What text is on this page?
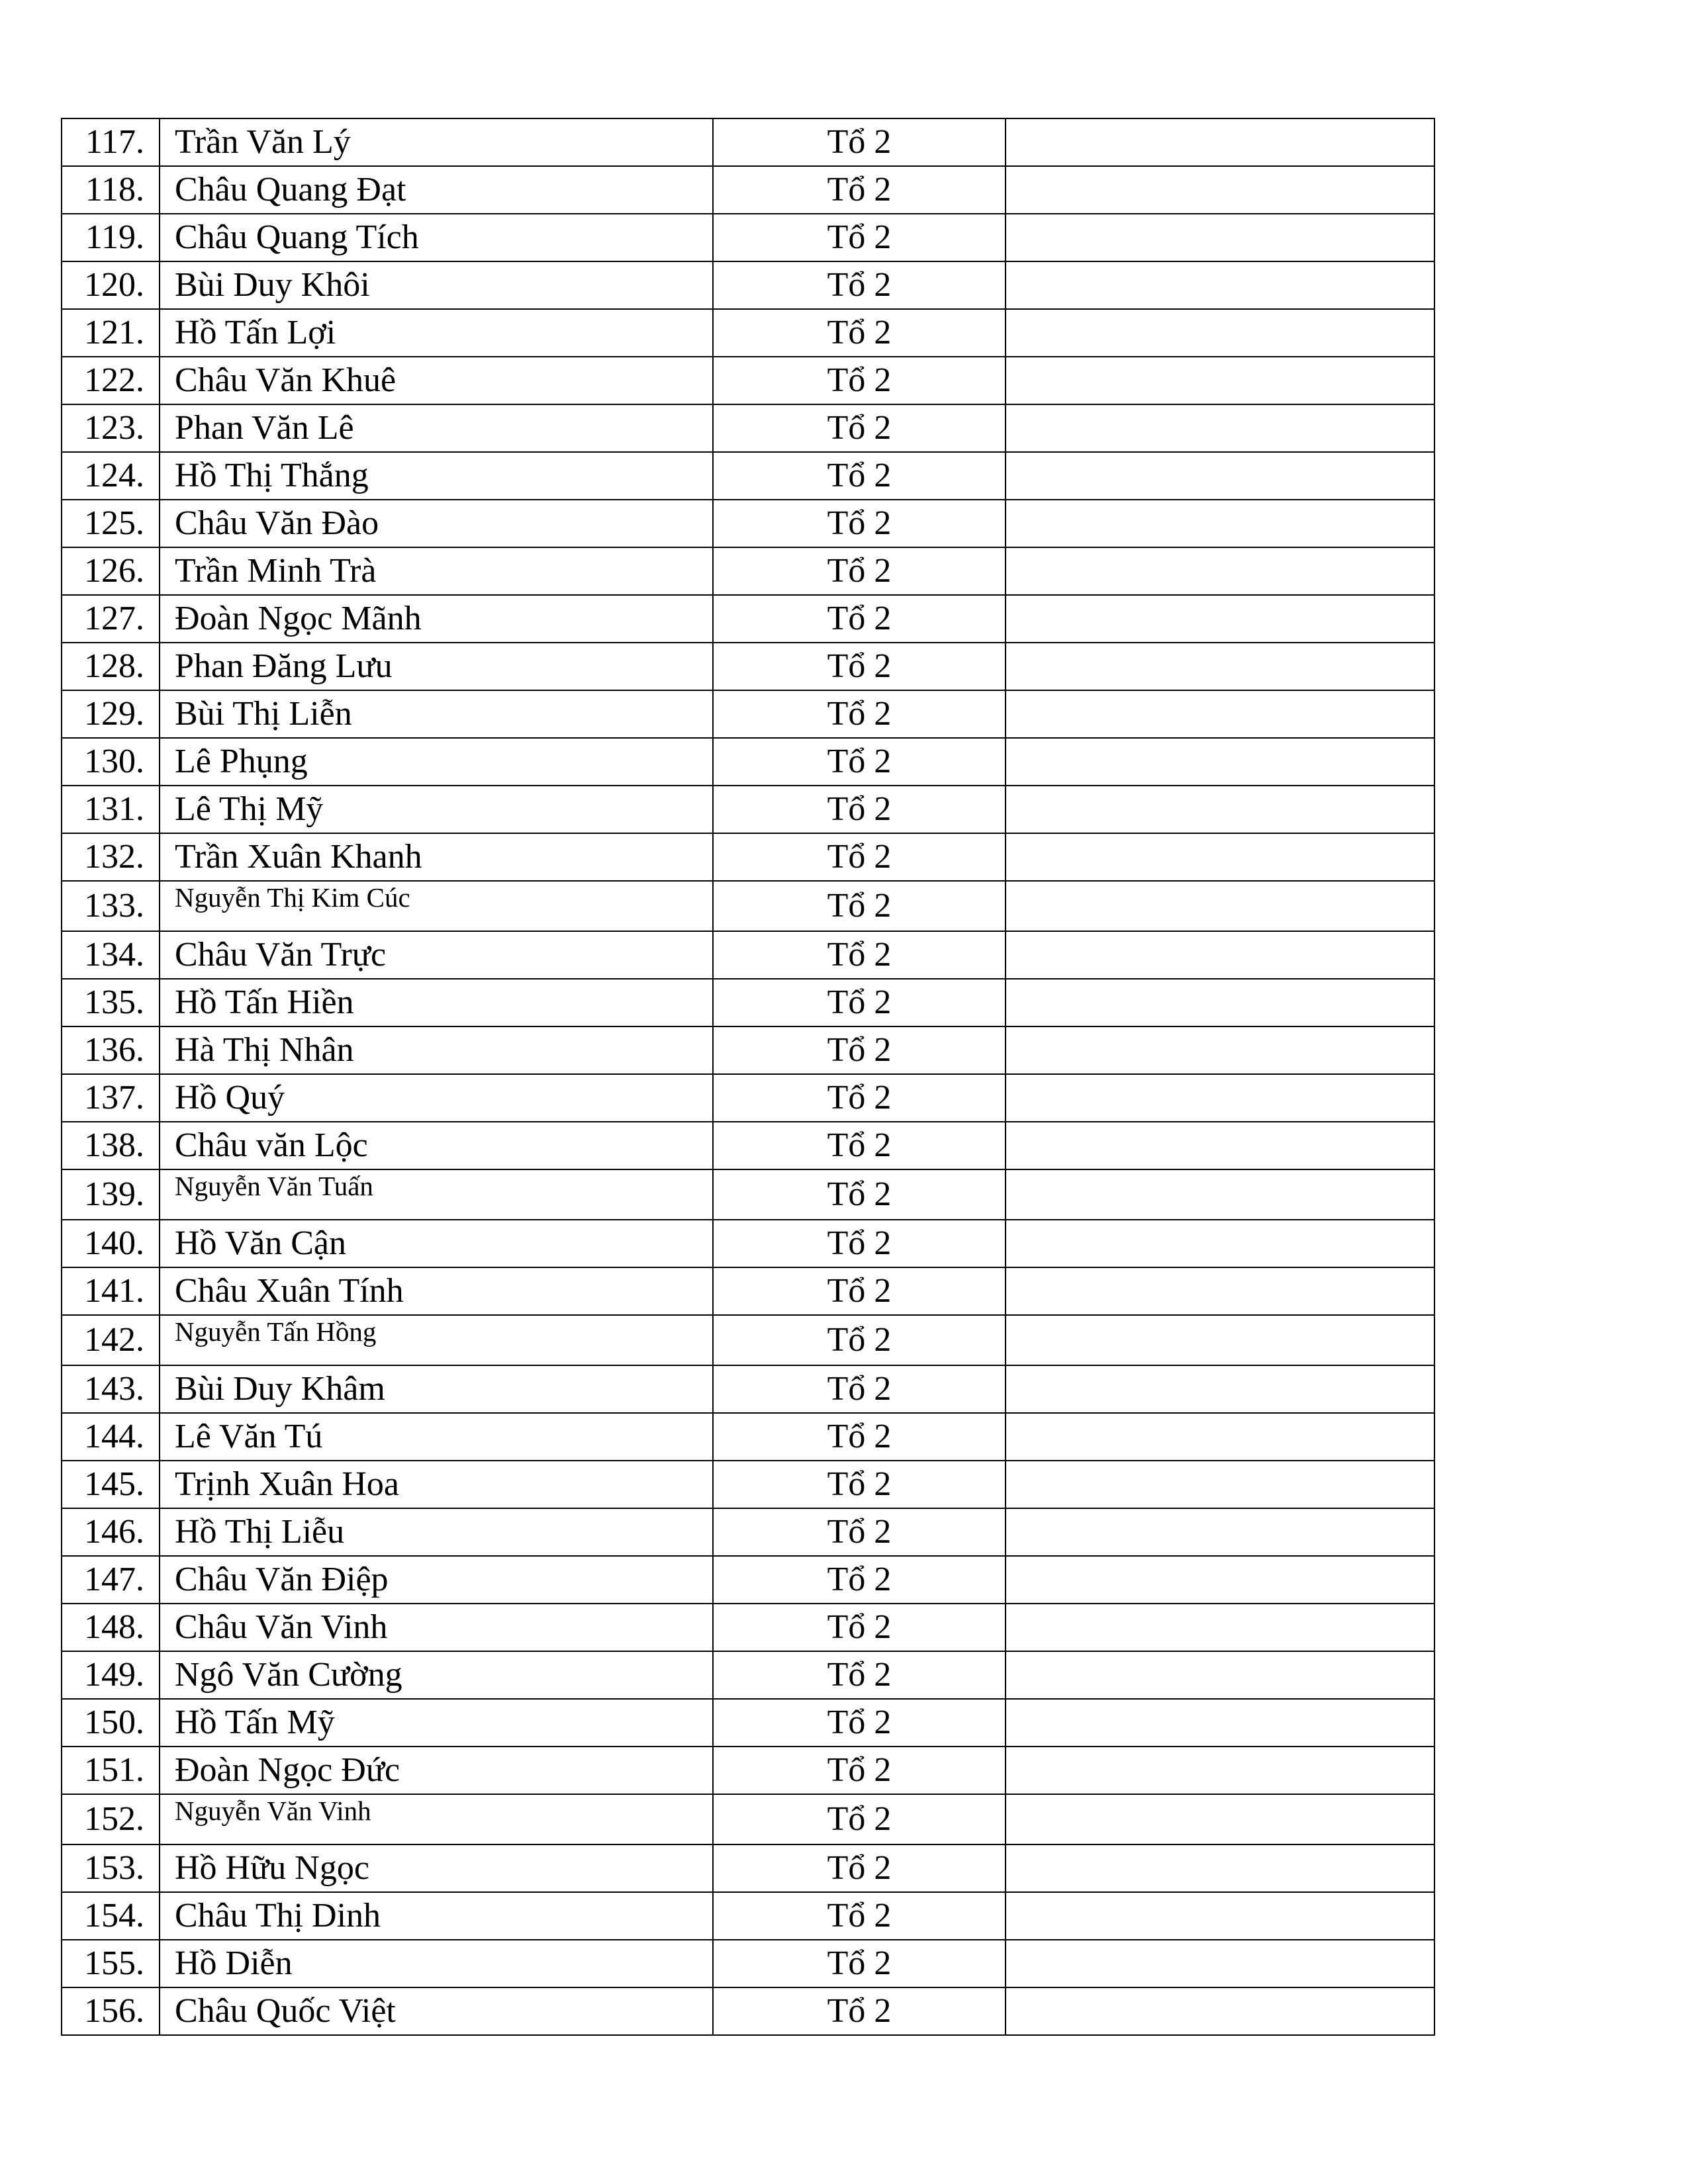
117.	Trần Văn Lý	Tổ 2	
118.	Châu Quang Đạt	Tổ 2	
119.	Châu Quang Tích	Tổ 2	
120.	Bùi Duy Khôi	Tổ 2	
121.	Hồ Tấn Lợi	Tổ 2	
122.	Châu Văn Khuê	Tổ 2	
123.	Phan Văn Lê	Tổ 2	
124.	Hồ Thị Thắng	Tổ 2	
125.	Châu Văn Đào	Tổ 2	
126.	Trần Minh Trà	Tổ 2	
127.	Đoàn Ngọc Mãnh	Tổ 2	
128.	Phan Đăng Lưu	Tổ 2	
129.	Bùi Thị Liễn	Tổ 2	
130.	Lê Phụng	Tổ 2	
131.	Lê Thị Mỹ	Tổ 2	
132.	Trần Xuân Khanh	Tổ 2	
133.	Nguyễn Thị Kim Cúc	Tổ 2	
134.	Châu Văn Trực	Tổ 2	
135.	Hồ Tấn Hiền	Tổ 2	
136.	Hà Thị Nhân	Tổ 2	
137.	Hồ Quý	Tổ 2	
138.	Châu văn Lộc	Tổ 2	
139.	Nguyễn Văn Tuấn	Tổ 2	
140.	Hồ Văn Cận	Tổ 2	
141.	Châu Xuân Tính	Tổ 2	
142.	Nguyễn Tấn Hồng	Tổ 2	
143.	Bùi Duy Khâm	Tổ 2	
144.	Lê Văn Tú	Tổ 2	
145.	Trịnh Xuân Hoa	Tổ 2	
146.	Hồ Thị Liễu	Tổ 2	
147.	Châu Văn Điệp	Tổ 2	
148.	Châu Văn Vinh	Tổ 2	
149.	Ngô Văn Cường	Tổ 2	
150.	Hồ Tấn Mỹ	Tổ 2	
151.	Đoàn Ngọc Đức	Tổ 2	
152.	Nguyễn Văn Vinh	Tổ 2	
153.	Hồ Hữu Ngọc	Tổ 2	
154.	Châu Thị Dinh	Tổ 2	
155.	Hồ Diễn	Tổ 2	
156.	Châu Quốc Việt	Tổ 2	
